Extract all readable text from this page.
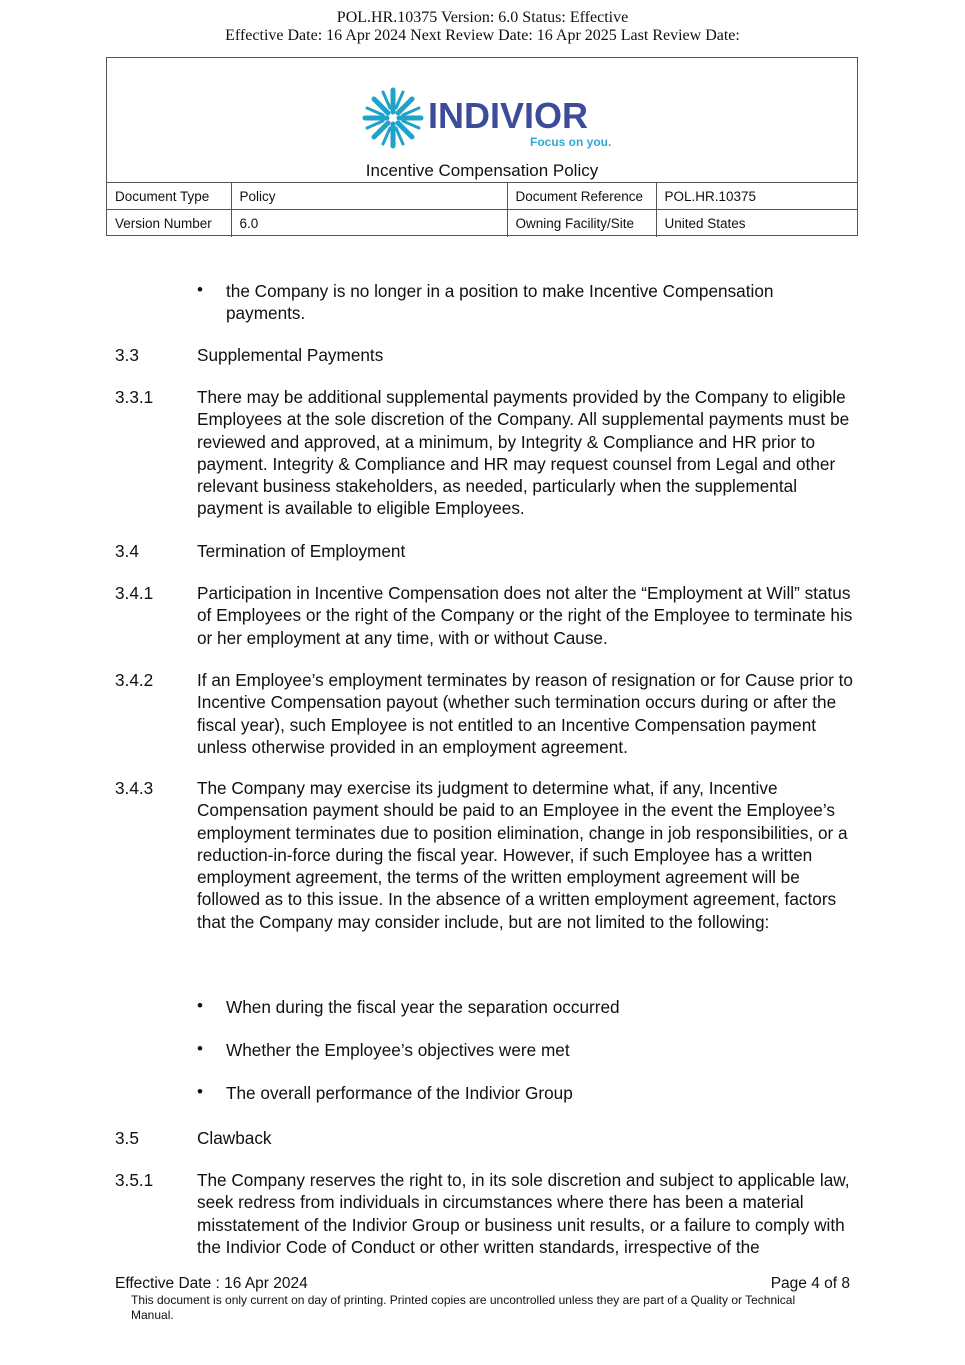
POL.HR.10375 Version: 6.0 Status: Effective
Effective Date: 16 Apr 2024 Next Review Date: 16 Apr 2025 Last Review Date:
INDIVIOR
Focus on you.
Incentive Compensation Policy
Document Type	Policy	Document Reference	POL.HR.10375
Version Number	6.0	Owning Facility/Site	United States
• the Company is no longer in a position to make Incentive Compensation payments.
3.3	Supplemental Payments
3.3.1	There may be additional supplemental payments provided by the Company to eligible Employees at the sole discretion of the Company. All supplemental payments must be reviewed and approved, at a minimum, by Integrity & Compliance and HR prior to payment. Integrity & Compliance and HR may request counsel from Legal and other relevant business stakeholders, as needed, particularly when the supplemental payment is available to eligible Employees.
3.4	Termination of Employment
3.4.1	Participation in Incentive Compensation does not alter the “Employment at Will” status of Employees or the right of the Company or the right of the Employee to terminate his or her employment at any time, with or without Cause.
3.4.2	If an Employee’s employment terminates by reason of resignation or for Cause prior to Incentive Compensation payout (whether such termination occurs during or after the fiscal year), such Employee is not entitled to an Incentive Compensation payment unless otherwise provided in an employment agreement.
3.4.3	The Company may exercise its judgment to determine what, if any, Incentive Compensation payment should be paid to an Employee in the event the Employee’s employment terminates due to position elimination, change in job responsibilities, or a reduction-in-force during the fiscal year. However, if such Employee has a written employment agreement, the terms of the written employment agreement will be followed as to this issue. In the absence of a written employment agreement, factors that the Company may consider include, but are not limited to the following:
• When during the fiscal year the separation occurred
• Whether the Employee’s objectives were met
• The overall performance of the Indivior Group
3.5	Clawback
3.5.1	The Company reserves the right to, in its sole discretion and subject to applicable law, seek redress from individuals in circumstances where there has been a material misstatement of the Indivior Group or business unit results, or a failure to comply with the Indivior Code of Conduct or other written standards, irrespective of the
Effective Date : 16 Apr 2024	Page 4 of 8
This document is only current on day of printing. Printed copies are uncontrolled unless they are part of a Quality or Technical Manual.
